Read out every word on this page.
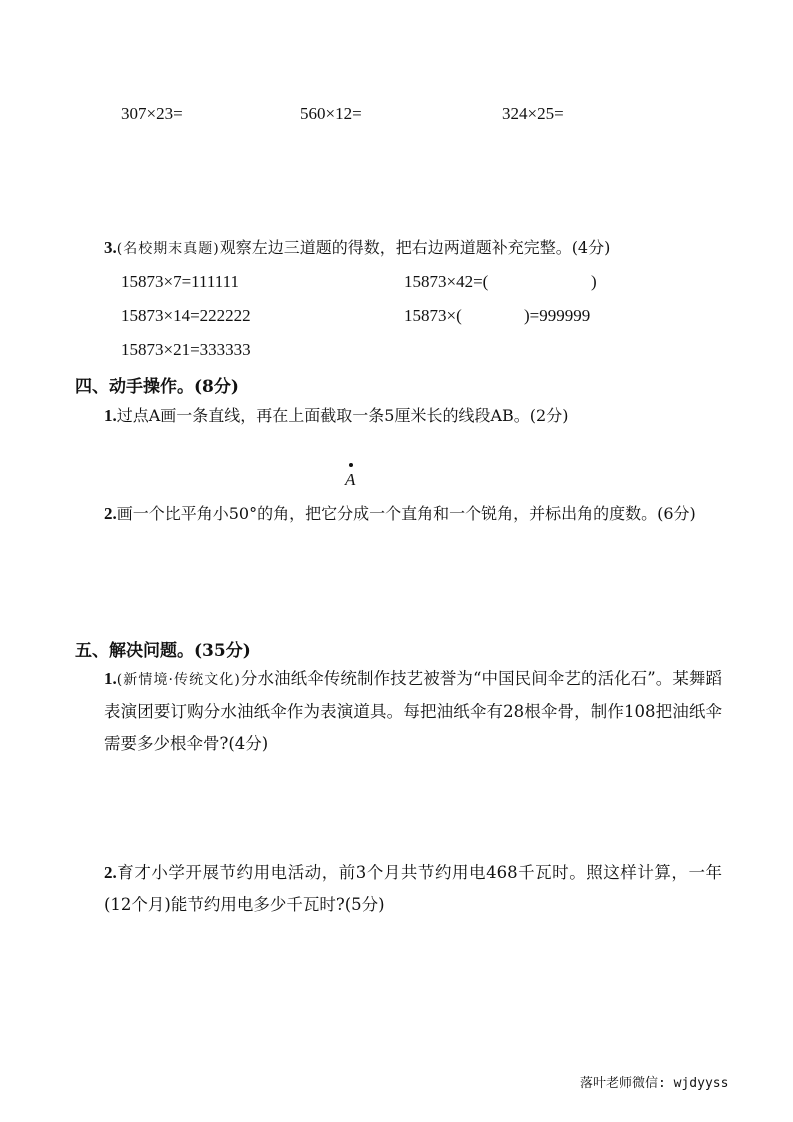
307×23=	560×12=	324×25=
3.(名校期末真题)观察左边三道题的得数，把右边两道题补充完整。(4分)
15873×7=111111
15873×14=222222
15873×21=333333
15873×42=(	)
15873×(	)=999999
四、动手操作。(8分)
1.过点A画一条直线，再在上面截取一条5厘米长的线段AB。(2分)
A
2.画一个比平角小50°的角，把它分成一个直角和一个锐角，并标出角的度数。(6分)
五、解决问题。(35分)
1.(新情境·传统文化)分水油纸伞传统制作技艺被誉为“中国民间伞艺的活化石”。某舞蹈表演团要订购分水油纸伞作为表演道具。每把油纸伞有28根伞骨，制作108把油纸伞需要多少根伞骨?(4分)
2.育才小学开展节约用电活动，前3个月共节约用电468千瓦时。照这样计算，一年(12个月)能节约用电多少千瓦时?(5分)
落叶老师微信: wjdyyss
